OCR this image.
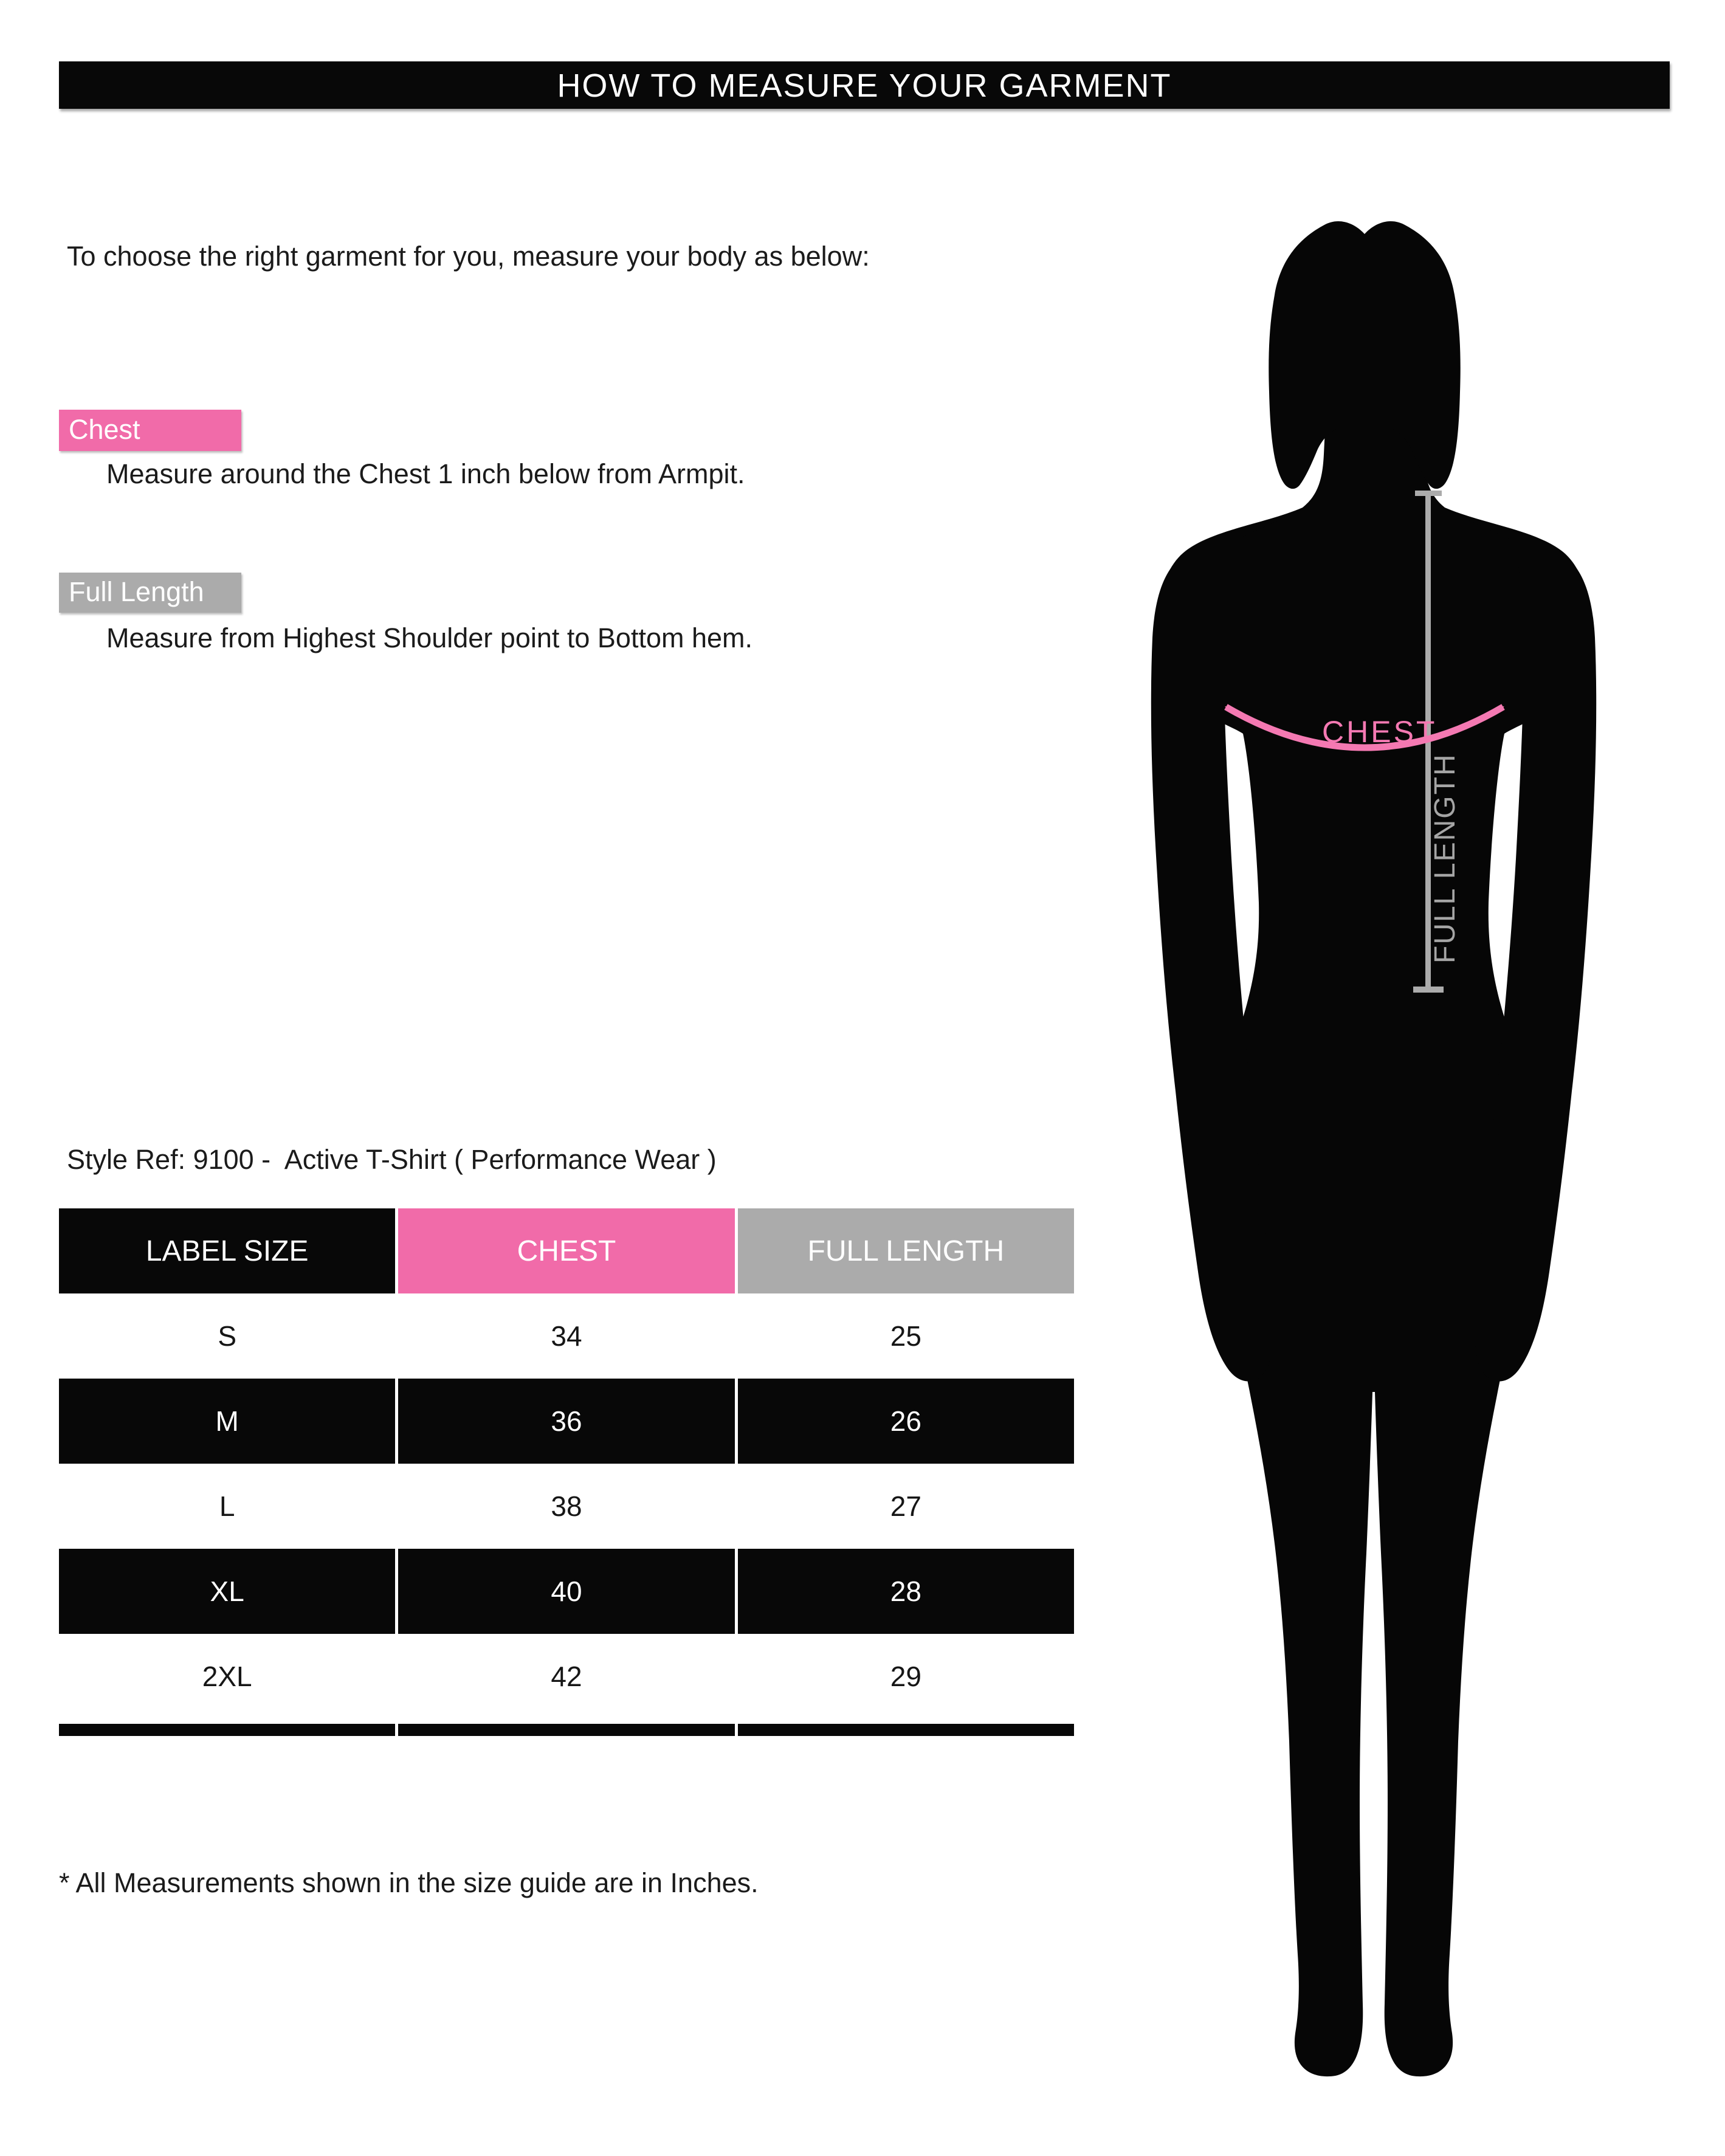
HOW TO MEASURE YOUR GARMENT
To choose the right garment for you, measure your body as below:
Chest
Measure around the Chest 1 inch below from Armpit.
Full Length
Measure from Highest Shoulder point to Bottom hem.
Style Ref: 9100 -  Active T-Shirt ( Performance Wear )
LABEL SIZE	CHEST	FULL LENGTH
S	34	25
M	36	26
L	38	27
XL	40	28
2XL	42	29
* All Measurements shown in the size guide are in Inches.
CHEST
FULL LENGTH
